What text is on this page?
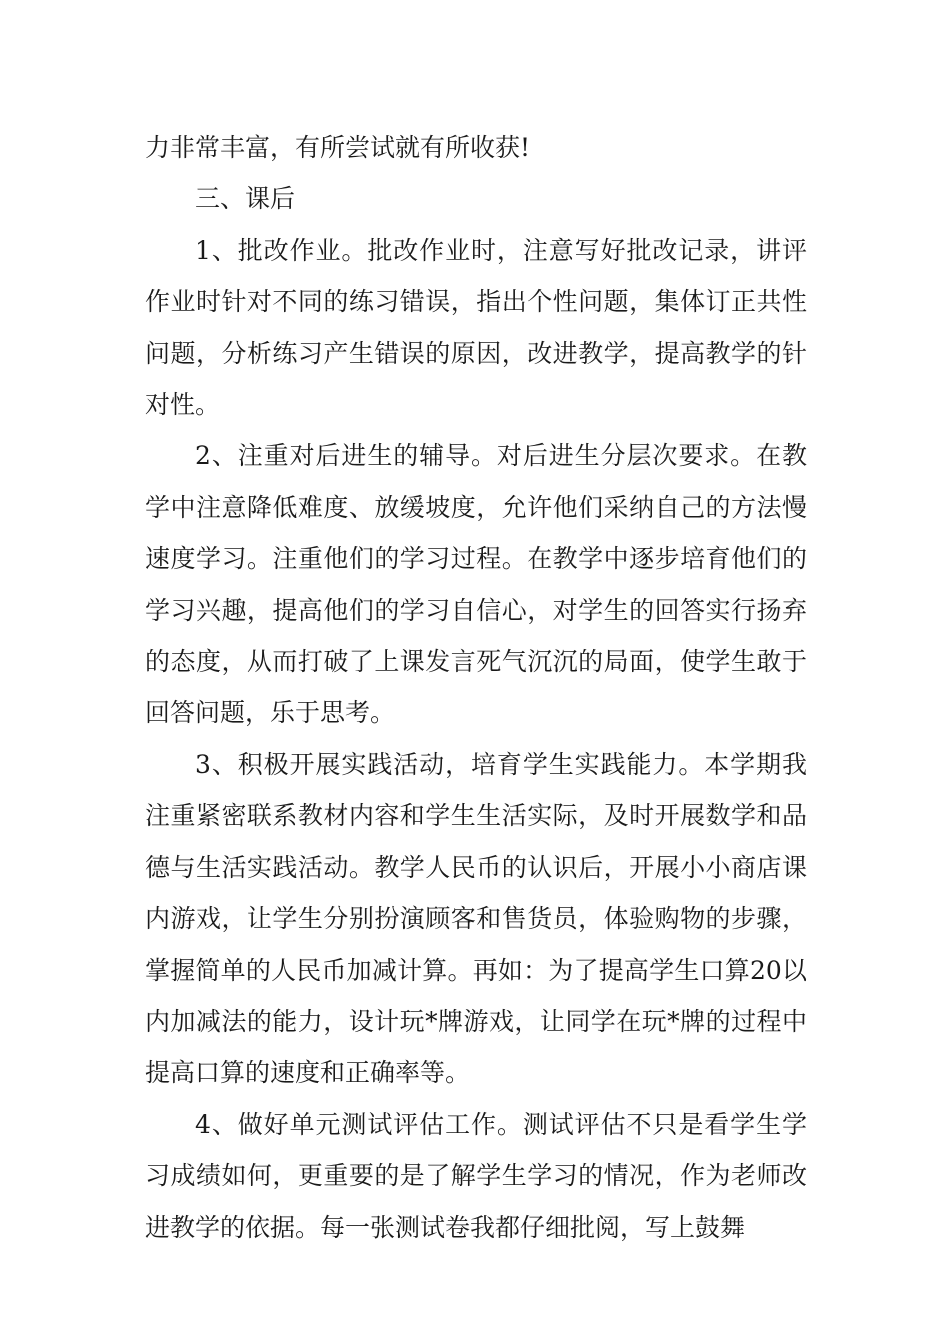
力非常丰富，有所尝试就有所收获!

三、课后

1、批改作业。批改作业时，注意写好批改记录，讲评作业时针对不同的练习错误，指出个性问题，集体订正共性问题，分析练习产生错误的原因，改进教学，提高教学的针对性。

2、注重对后进生的辅导。对后进生分层次要求。在教学中注意降低难度、放缓坡度，允许他们采纳自己的方法慢速度学习。注重他们的学习过程。在教学中逐步培育他们的学习兴趣，提高他们的学习自信心，对学生的回答实行扬弃的态度，从而打破了上课发言死气沉沉的局面，使学生敢于回答问题，乐于思考。

3、积极开展实践活动，培育学生实践能力。本学期我注重紧密联系教材内容和学生生活实际，及时开展数学和品德与生活实践活动。教学人民币的认识后，开展小小商店课内游戏，让学生分别扮演顾客和售货员，体验购物的步骤，掌握简单的人民币加减计算。再如：为了提高学生口算20以内加减法的能力，设计玩*牌游戏，让同学在玩*牌的过程中提高口算的速度和正确率等。

4、做好单元测试评估工作。测试评估不只是看学生学习成绩如何，更重要的是了解学生学习的情况，作为老师改进教学的依据。每一张测试卷我都仔细批阅，写上鼓舞
